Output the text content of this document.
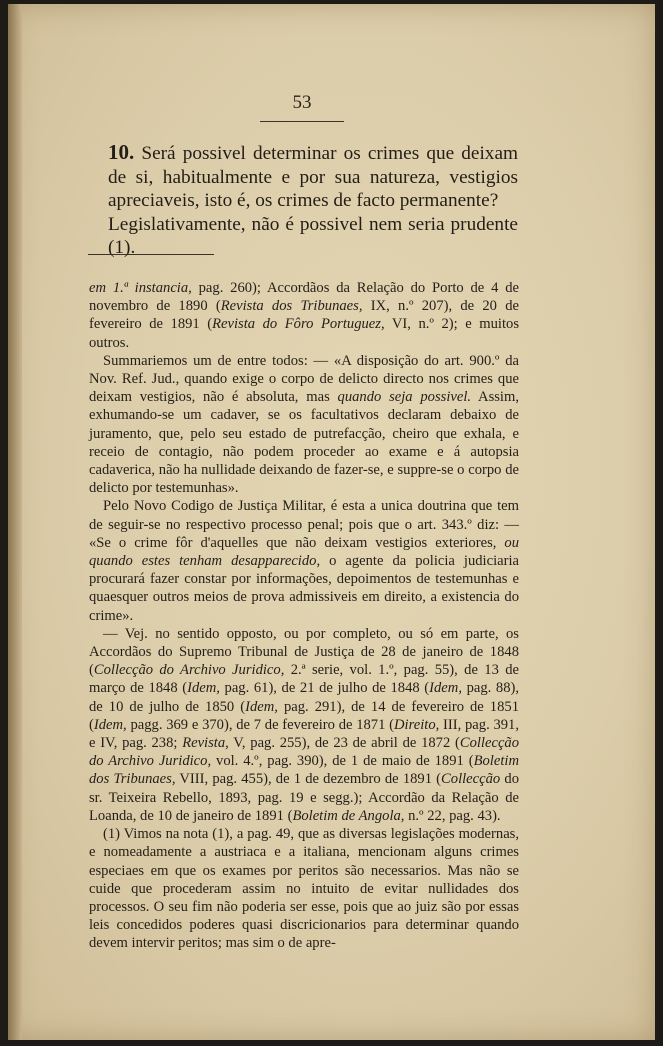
53

10. Será possivel determinar os crimes que deixam de si, habitualmente e por sua natureza, vestigios apreciaveis, isto é, os crimes de facto permanente?

Legislativamente, não é possivel nem seria prudente (1).

em 1.ª instancia, pag. 260); Accordãos da Relação do Porto de 4 de novembro de 1890 (Revista dos Tribunaes, IX, n.º 207), de 20 de fevereiro de 1891 (Revista do Fôro Portuguez, VI, n.º 2); e muitos outros.

Summariemos um de entre todos: — «A disposição do art. 900.º da Nov. Ref. Jud., quando exige o corpo de delicto directo nos crimes que deixam vestigios, não é absoluta, mas quando seja possivel. Assim, exhumando-se um cadaver, se os facultativos declaram debaixo de juramento, que, pelo seu estado de putrefacção, cheiro que exhala, e receio de contagio, não podem proceder ao exame e á autopsia cadaverica, não ha nullidade deixando de fazer-se, e suppre-se o corpo de delicto por testemunhas».

Pelo Novo Codigo de Justiça Militar, é esta a unica doutrina que tem de seguir-se no respectivo processo penal; pois que o art. 343.º diz: — «Se o crime fôr d'aquelles que não deixam vestigios exteriores, ou quando estes tenham desapparecido, o agente da policia judiciaria procurará fazer constar por informações, depoimentos de testemunhas e quaesquer outros meios de prova admissiveis em direito, a existencia do crime».

— Vej. no sentido opposto, ou por completo, ou só em parte, os Accordãos do Supremo Tribunal de Justiça de 28 de janeiro de 1848 (Collecção do Archivo Juridico, 2.ª serie, vol. 1.º, pag. 55), de 13 de março de 1848 (Idem, pag. 61), de 21 de julho de 1848 (Idem, pag. 88), de 10 de julho de 1850 (Idem, pag. 291), de 14 de fevereiro de 1851 (Idem, pagg. 369 e 370), de 7 de fevereiro de 1871 (Direito, III, pag. 391, e IV, pag. 238; Revista, V, pag. 255), de 23 de abril de 1872 (Collecção do Archivo Juridico, vol. 4.º, pag. 390), de 1 de maio de 1891 (Boletim dos Tribunaes, VIII, pag. 455), de 1 de dezembro de 1891 (Collecção do sr. Teixeira Rebello, 1893, pag. 19 e segg.); Accordão da Relação de Loanda, de 10 de janeiro de 1891 (Boletim de Angola, n.º 22, pag. 43).

(1) Vimos na nota (1), a pag. 49, que as diversas legislações modernas, e nomeadamente a austriaca e a italiana, mencionam alguns crimes especiaes em que os exames por peritos são necessarios. Mas não se cuide que procederam assim no intuito de evitar nullidades dos processos. O seu fim não poderia ser esse, pois que ao juiz são por essas leis concedidos poderes quasi discricionarios para determinar quando devem intervir peritos; mas sim o de apre-
